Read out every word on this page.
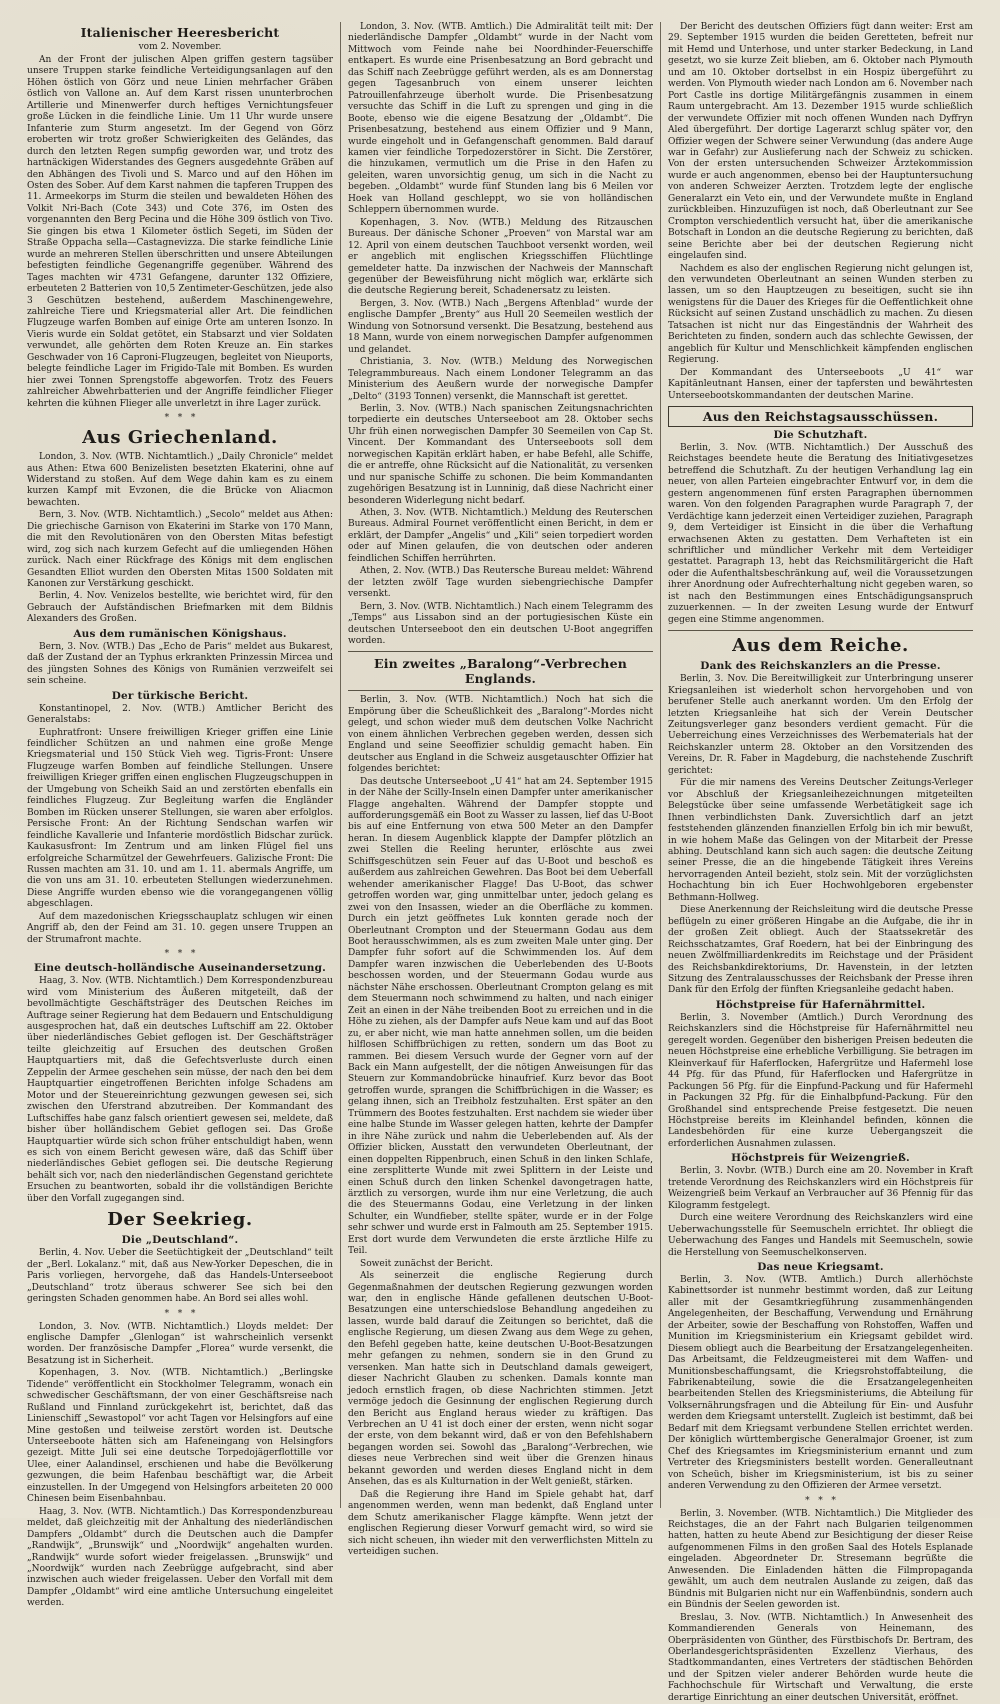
Italienischer Heeresbericht
vom 2. November.

An der Front der julischen Alpen griffen gestern tagsüber unsere Truppen starke feindliche Verteidigungsanlagen auf den Höhen östlich von Görz und neue Linien mehrfacher Gräben östlich von Vallone an. Auf dem Karst rissen ununterbrochen Artillerie und Minenwerfer durch heftiges Vernichtungsfeuer große Lücken in die feindliche Linie. Um 11 Uhr wurde unsere Infanterie zum Sturm angesetzt. Im der Gegend von Görz eroberten wir trotz großer Schwierigkeiten des Geländes, das durch den letzten Regen sumpfig geworden war, und trotz des hartnäckigen Widerstandes des Gegners ausgedehnte Gräben auf den Abhängen des Tivoli und S. Marco und auf den Höhen im Osten des Sober. Auf dem Karst nahmen die tapferen Truppen des 11. Armeekorps im Sturm die steilen und bewaldeten Höhen des Volkit Nri-Bach (Cote 343) und Cote 376, im Osten des vorgenannten den Berg Pecina und die Höhe 309 östlich von Tivo. Sie gingen bis etwa 1 Kilometer östlich Segeti, im Süden der Straße Oppacha sella—Castagnevizza. Die starke feindliche Linie wurde an mehreren Stellen überschritten und unsere Abteilungen befestigten feindliche Gegenangriffe gegenüber. Während des Tages machten wir 4731 Gefangene, darunter 132 Offiziere, erbeuteten 2 Batterien von 10,5 Zentimeter-Geschützen, jede also 3 Geschützen bestehend, außerdem Maschinengewehre, zahlreiche Tiere und Kriegsmaterial aller Art. Die feindlichen Flugzeuge warfen Bomben auf einige Orte am unteren Isonzo. In Vieris wurde ein Soldat getötet, ein Stabsarzt und vier Soldaten verwundet, alle gehörten dem Roten Kreuze an. Ein starkes Geschwader von 16 Caproni-Flugzeugen, begleitet von Nieuports, belegte feindliche Lager im Frigido-Tale mit Bomben. Es wurden hier zwei Tonnen Sprengstoffe abgeworfen. Trotz des Feuers zahlreicher Abwehrbatterien und der Angriffe feindlicher Flieger kehrten die kühnen Flieger alle unverletzt in ihre Lager zurück.

*   *   *
Aus Griechenland.

London, 3. Nov. (WTB. Nichtamtlich.) „Daily Chronicle“ meldet aus Athen: Etwa 600 Benizelisten besetzten Ekaterini, ohne auf Widerstand zu stoßen. Auf dem Wege dahin kam es zu einem kurzen Kampf mit Evzonen, die die Brücke von Aliacmon bewachten.

Bern, 3. Nov. (WTB. Nichtamtlich.) „Secolo“ meldet aus Athen: Die griechische Garnison von Ekaterini im Starke von 170 Mann, die mit den Revolutionären von den Obersten Mitas befestigt wird, zog sich nach kurzem Gefecht auf die umliegenden Höhen zurück. Nach einer Rückfrage des Königs mit dem englischen Gesandten Elliot wurden den Obersten Mitas 1500 Soldaten mit Kanonen zur Verstärkung geschickt.

Berlin, 4. Nov. Venizelos bestellte, wie berichtet wird, für den Gebrauch der Aufständischen Briefmarken mit dem Bildnis Alexanders des Großen.

Aus dem rumänischen Königshaus.

Bern, 3. Nov. (WTB.) Das „Echo de Paris“ meldet aus Bukarest, daß der Zustand der an Typhus erkrankten Prinzessin Mircea und des jüngsten Sohnes des Königs von Rumänien verzweifelt sei sein scheine.

Der türkische Bericht.

Konstantinopel, 2. Nov. (WTB.) Amtlicher Bericht des Generalstabs:

Euphratfront: Unsere freiwilligen Krieger griffen eine Linie feindlicher Schützen an und nahmen eine große Menge Kriegsmaterial und 150 Stück Vieh weg. Tigris-Front: Unsere Flugzeuge warfen Bomben auf feindliche Stellungen. Unsere freiwilligen Krieger griffen einen englischen Flugzeugschuppen in der Umgebung von Scheikh Said an und zerstörten ebenfalls ein feindliches Flugzeug. Zur Begleitung warfen die Engländer Bomben im Rücken unserer Stellungen, sie waren aber erfolglos. Persische Front: An der Richtung Sendschan warfen wir feindliche Kavallerie und Infanterie mordöstlich Bidschar zurück. Kaukasusfront: Im Zentrum und am linken Flügel fiel uns erfolgreiche Scharmützel der Gewehrfeuers. Galizische Front: Die Russen machten am 31. 10. und am 1. 11. abermals Angriffe, um die von uns am 31. 10. erbeuteten Stellungen wiederzunehmen. Diese Angriffe wurden ebenso wie die vorangegangenen völlig abgeschlagen.

Auf dem mazedonischen Kriegsschauplatz schlugen wir einen Angriff ab, den der Feind am 31. 10. gegen unsere Truppen an der Strumafront machte.

*   *   *
Eine deutsch-holländische Auseinandersetzung.

Haag, 3. Nov. (WTB. Nichtamtlich.) Dem Korrespondenzbureau wird vom Ministerium des Äußeren mitgeteilt, daß der bevollmächtigte Geschäftsträger des Deutschen Reiches im Auftrage seiner Regierung hat dem Bedauern und Entschuldigung ausgesprochen hat, daß ein deutsches Luftschiff am 22. Oktober über niederländisches Gebiet geflogen ist. Der Geschäftsträger teilte gleichzeitig auf Ersuchen des deutschen Großen Hauptquartiers mit, daß die Gefechtsverluste durch einen Zeppelin der Armee geschehen sein müsse, der nach den bei dem Hauptquartier eingetroffenen Berichten infolge Schadens am Motor und der Steuereinrichtung gezwungen gewesen sei, sich zwischen den Uferstrand abzutreiben. Der Kommandant des Luftschiffes habe ganz falsch orientiert gewesen sei, meldete, daß bisher über holländischem Gebiet geflogen sei. Das Große Hauptquartier würde sich schon früher entschuldigt haben, wenn es sich von einem Bericht gewesen wäre, daß das Schiff über niederländisches Gebiet geflogen sei. Die deutsche Regierung behält sich vor, nach den niederländischen Gegenstand gerichtete Ersuchen zu beantworten, sobald ihr die vollständigen Berichte über den Vorfall zugegangen sind.

Der Seekrieg.
Die „Deutschland“.

Berlin, 4. Nov. Ueber die Seetüchtigkeit der „Deutschland“ teilt der „Berl. Lokalanz.“ mit, daß aus New-Yorker Depeschen, die in Paris vorliegen, hervorgehe, daß das Handels-Unterseeboot „Deutschland“ trotz überaus schwerer See sich bei den geringsten Schaden genommen habe. An Bord sei alles wohl.

*   *   *

London, 3. Nov. (WTB. Nichtamtlich.) Lloyds meldet: Der englische Dampfer „Glenlogan“ ist wahrscheinlich versenkt worden. Der französische Dampfer „Florea“ wurde versenkt, die Besatzung ist in Sicherheit.

Kopenhagen, 3. Nov. (WTB. Nichtamtlich.) „Berlingske Tidende“ veröffentlicht ein Stockholmer Telegramm, wonach ein schwedischer Geschäftsmann, der von einer Geschäftsreise nach Rußland und Finnland zurückgekehrt ist, berichtet, daß das Linienschiff „Sewastopol“ vor acht Tagen vor Helsingfors auf eine Mine gestoßen und teilweise zerstört worden ist. Deutsche Unterseeboote hätten sich am Hafeneingang von Helsingfors gezeigt. Mitte Juli sei eine deutsche Torpedojägerflottille vor Ulee, einer Aalandinsel, erschienen und habe die Bevölkerung gezwungen, die beim Hafenbau beschäftigt war, die Arbeit einzustellen. In der Umgegend von Helsingfors arbeiteten 20 000 Chinesen beim Eisenbahnbau.

Haag, 3. Nov. (WTB. Nichtamtlich.) Das Korrespondenzbureau meldet, daß gleichzeitig mit der Anhaltung des niederländischen Dampfers „Oldambt“ durch die Deutschen auch die Dampfer „Randwijk“, „Brunswijk“ und „Noordwijk“ angehalten wurden. „Randwijk“ wurde sofort wieder freigelassen. „Brunswijk“ und „Noordwijk“ wurden nach Zeebrügge aufgebracht, sind aber inzwischen auch wieder freigelassen. Ueber den Vorfall mit dem Dampfer „Oldambt“ wird eine amtliche Untersuchung eingeleitet werden.

London, 3. Nov. (WTB. Amtlich.) Die Admiralität teilt mit: Der niederländische Dampfer „Oldambt“ wurde in der Nacht vom Mittwoch vom Feinde nahe bei Noordhinder-Feuerschiffe entkapert. Es wurde eine Prisenbesatzung an Bord gebracht und das Schiff nach Zeebrügge geführt werden, als es am Donnerstag gegen Tagesanbruch von einem unserer leichten Patrouillenfahrzeuge überholt wurde. Die Prisenbesatzung versuchte das Schiff in die Luft zu sprengen und ging in die Boote, ebenso wie die eigene Besatzung der „Oldambt“. Die Prisenbesatzung, bestehend aus einem Offizier und 9 Mann, wurde eingeholt und in Gefangenschaft genommen. Bald darauf kamen vier feindliche Torpedozerstörer in Sicht. Die Zerstörer, die hinzukamen, vermutlich um die Prise in den Hafen zu geleiten, waren unvorsichtig genug, um sich in die Nacht zu begeben. „Oldambt“ wurde fünf Stunden lang bis 6 Meilen vor Hoek van Holland geschleppt, wo sie von holländischen Schleppern übernommen wurde.

Kopenhagen, 3. Nov. (WTB.) Meldung des Ritzauschen Bureaus. Der dänische Schoner „Proeven“ von Marstal war am 12. April von einem deutschen Tauchboot versenkt worden, weil er angeblich mit englischen Kriegsschiffen Flüchtlinge gemeldeter hatte. Da inzwischen der Nachweis der Mannschaft gegenüber der Beweisführung nicht möglich war, erklärte sich die deutsche Regierung bereit, Schadenersatz zu leisten.

Bergen, 3. Nov. (WTB.) Nach „Bergens Aftenblad“ wurde der englische Dampfer „Brenty“ aus Hull 20 Seemeilen westlich der Windung von Sotnorsund versenkt. Die Besatzung, bestehend aus 18 Mann, wurde von einem norwegischen Dampfer aufgenommen und gelandet.

Christiania, 3. Nov. (WTB.) Meldung des Norwegischen Telegrammbureaus. Nach einem Londoner Telegramm an das Ministerium des Aeußern wurde der norwegische Dampfer „Delto“ (3193 Tonnen) versenkt, die Mannschaft ist gerettet.

Berlin, 3. Nov. (WTB.) Nach spanischen Zeitungsnachrichten torpedierte ein deutsches Unterseeboot am 28. Oktober sechs Uhr früh einen norwegischen Dampfer 30 Seemeilen von Cap St. Vincent. Der Kommandant des Unterseeboots soll dem norwegischen Kapitän erklärt haben, er habe Befehl, alle Schiffe, die er antreffe, ohne Rücksicht auf die Nationalität, zu versenken und nur spanische Schiffe zu schonen. Die beim Kommandanten zugehörigen Besatzung ist in Lunninig, daß diese Nachricht einer besonderen Widerlegung nicht bedarf.

Athen, 3. Nov. (WTB. Nichtamtlich.) Meldung des Reuterschen Bureaus. Admiral Fournet veröffentlicht einen Bericht, in dem er erklärt, der Dampfer „Angelis“ und „Kili“ seien torpediert worden oder auf Minen gelaufen, die von deutschen oder anderen feindlichen Schiffen herrührten.

Athen, 2. Nov. (WTB.) Das Reutersche Bureau meldet: Während der letzten zwölf Tage wurden siebengriechische Dampfer versenkt.

Bern, 3. Nov. (WTB. Nichtamtlich.) Nach einem Telegramm des „Temps“ aus Lissabon sind an der portugiesischen Küste ein deutschen Unterseeboot den ein deutschen U-Boot angegriffen worden.

Ein zweites „Baralong“-Verbrechen Englands.

Berlin, 3. Nov. (WTB. Nichtamtlich.) Noch hat sich die Empörung über die Scheußlichkeit des „Baralong“-Mordes nicht gelegt, und schon wieder muß dem deutschen Volke Nachricht von einem ähnlichen Verbrechen gegeben werden, dessen sich England und seine Seeoffizier schuldig gemacht haben. Ein deutscher aus England in die Schweiz ausgetauschter Offizier hat folgendes berichtet:

Das deutsche Unterseeboot „U 41“ hat am 24. September 1915 in der Nähe der Scilly-Inseln einen Dampfer unter amerikanischer Flagge angehalten. Während der Dampfer stoppte und aufforderungsgemäß ein Boot zu Wasser zu lassen, lief das U-Boot bis auf eine Entfernung von etwa 500 Meter an den Dampfer heran. In diesem Augenblick klappte der Dampfer plötzlich an zwei Stellen die Reeling herunter, erlöschte aus zwei Schiffsgeschützen sein Feuer auf das U-Boot und beschoß es außerdem aus zahlreichen Gewehren. Das Boot bei dem Ueberfall wehender amerikanischer Flagge! Das U-Boot, das schwer getroffen worden war, ging unmittelbar unter, jedoch gelang es zwei von den Insassen, wieder an die Oberfläche zu kommen. Durch ein jetzt geöffnetes Luk konnten gerade noch der Oberleutnant Crompton und der Steuermann Godau aus dem Boot herausschwimmen, als es zum zweiten Male unter ging. Der Dampfer fuhr sofort auf die Schwimmenden los. Auf dem Dampfer waren inzwischen die Ueberlebenden des U-Boots beschossen worden, und der Steuermann Godau wurde aus nächster Nähe erschossen. Oberleutnant Crompton gelang es mit dem Steuermann noch schwimmend zu halten, und nach einiger Zeit an einen in der Nähe treibenden Boot zu erreichen und in die Höhe zu ziehen, als der Dampfer aufs Neue kam und auf das Boot zu, er aber nicht, wie man hatte annehmen sollen, um die beiden hilflosen Schiffbrüchigen zu retten, sondern um das Boot zu rammen. Bei diesem Versuch wurde der Gegner vorn auf der Back ein Mann aufgestellt, der die nötigen Anweisungen für das Steuern zur Kommandobrücke hinaufrief. Kurz bevor das Boot getroffen wurde, sprangen die Schiffbrüchigen in die Wasser; es gelang ihnen, sich an Treibholz festzuhalten. Erst später an den Trümmern des Bootes festzuhalten. Erst nachdem sie wieder über eine halbe Stunde im Wasser gelegen hatten, kehrte der Dampfer in ihre Nähe zurück und nahm die Ueberlebenden auf. Als der Offizier blicken, Ausstatt den verwundeten Oberleutnant, der einen doppelten Rippenbruch, einen Schuß in den linken Schlafe, eine zersplitterte Wunde mit zwei Splittern in der Leiste und einen Schuß durch den linken Schenkel davongetragen hatte, ärztlich zu versorgen, wurde ihm nur eine Verletzung, die auch die des Steuermanns Godau, eine Verletzung in der linken Schulter, ein Wundfieber, stellte später, wurde er in der Folge sehr schwer und wurde erst in Falmouth am 25. September 1915. Erst dort wurde dem Verwundeten die erste ärztliche Hilfe zu Teil.

Soweit zunächst der Bericht.

Als seinerzeit die englische Regierung durch Gegenmaßnahmen der deutschen Regierung gezwungen worden war, den in englische Hände gefallenen deutschen U-Boot-Besatzungen eine unterschiedslose Behandlung angedeihen zu lassen, wurde bald darauf die Zeitungen so berichtet, daß die englische Regierung, um diesen Zwang aus dem Wege zu gehen, den Befehl gegeben hatte, keine deutschen U-Boot-Besatzungen mehr gefangen zu nehmen, sondern sie in den Grund zu versenken. Man hatte sich in Deutschland damals geweigert, dieser Nachricht Glauben zu schenken. Damals konnte man jedoch ernstlich fragen, ob diese Nachrichten stimmen. Jetzt vermöge jedoch die Gesinnung der englischen Regierung durch den Bericht aus England heraus wieder zu kräftigen. Das Verbrechen an U 41 ist doch einer der ersten, wenn nicht sogar der erste, von dem bekannt wird, daß er von den Befehlshabern begangen worden sei. Sowohl das „Baralong“-Verbrechen, wie dieses neue Verbrechen sind weit über die Grenzen hinaus bekannt geworden und werden dieses England nicht in dem Ansehen, das es als Kulturnation in der Welt genießt, stärken.

Daß die Regierung ihre Hand im Spiele gehabt hat, darf angenommen werden, wenn man bedenkt, daß England unter dem Schutz amerikanischer Flagge kämpfte. Wenn jetzt der englischen Regierung dieser Vorwurf gemacht wird, so wird sie sich nicht scheuen, ihn wieder mit den verwerflichsten Mitteln zu verteidigen suchen.

Der Bericht des deutschen Offiziers fügt dann weiter: Erst am 29. September 1915 wurden die beiden Geretteten, befreit nur mit Hemd und Unterhose, und unter starker Bedeckung, in Land gesetzt, wo sie kurze Zeit blieben, am 6. Oktober nach Plymouth und am 10. Oktober dortselbst in ein Hospiz übergeführt zu werden. Von Plymouth wieder nach London am 6. November nach Port Castle ins dortige Militärgefängnis zusammen in einem Raum untergebracht. Am 13. Dezember 1915 wurde schließlich der verwundete Offizier mit noch offenen Wunden nach Dyffryn Aled übergeführt. Der dortige Lagerarzt schlug später vor, den Offizier wegen der Schwere seiner Verwundung (das andere Auge war in Gefahr) zur Auslieferung nach der Schweiz zu schicken. Von der ersten untersuchenden Schweizer Ärztekommission wurde er auch angenommen, ebenso bei der Hauptuntersuchung von anderen Schweizer Aerzten. Trotzdem legte der englische Generalarzt ein Veto ein, und der Verwundete mußte in England zurückbleiben. Hinzuzufügen ist noch, daß Oberleutnant zur See Crompton verschiedentlich versucht hat, über die amerikanische Botschaft in London an die deutsche Regierung zu berichten, daß seine Berichte aber bei der deutschen Regierung nicht eingelaufen sind.

Nachdem es also der englischen Regierung nicht gelungen ist, den verwundeten Oberleutnant an seinen Wunden sterben zu lassen, um so den Hauptzeugen zu beseitigen, sucht sie ihn wenigstens für die Dauer des Krieges für die Oeffentlichkeit ohne Rücksicht auf seinen Zustand unschädlich zu machen. Zu diesen Tatsachen ist nicht nur das Eingeständnis der Wahrheit des Berichteten zu finden, sondern auch das schlechte Gewissen, der angeblich für Kultur und Menschlichkeit kämpfenden englischen Regierung.

Der Kommandant des Unterseeboots „U 41“ war Kapitänleutnant Hansen, einer der tapfersten und bewährtesten Unterseebootskommandanten der deutschen Marine.

Aus den Reichstagsausschüssen.
Die Schutzhaft.

Berlin, 3. Nov. (WTB. Nichtamtlich.) Der Ausschuß des Reichstages beendete heute die Beratung des Initiativgesetzes betreffend die Schutzhaft. Zu der heutigen Verhandlung lag ein neuer, von allen Parteien eingebrachter Entwurf vor, in dem die gestern angenommenen fünf ersten Paragraphen übernommen waren. Von den folgenden Paragraphen wurde Paragraph 7, der Verdächtige kann jederzeit einen Verteidiger zuziehen, Paragraph 9, dem Verteidiger ist Einsicht in die über die Verhaftung erwachsenen Akten zu gestatten. Dem Verhafteten ist ein schriftlicher und mündlicher Verkehr mit dem Verteidiger gestattet. Paragraph 13, hebt das Reichsmilitärgericht die Haft oder die Aufenthaltsbeschränkung auf, weil die Voraussetzungen ihrer Anordnung oder Aufrechterhaltung nicht gegeben waren, so ist nach den Bestimmungen eines Entschädigungsanspruch zuzuerkennen. — In der zweiten Lesung wurde der Entwurf gegen eine Stimme angenommen.

Aus dem Reiche.
Dank des Reichskanzlers an die Presse.

Berlin, 3. Nov. Die Bereitwilligkeit zur Unterbringung unserer Kriegsanleihen ist wiederholt schon hervorgehoben und von berufener Stelle auch anerkannt worden. Um den Erfolg der letzten Kriegsanleihe hat sich der Verein Deutscher Zeitungsverleger ganz besonders verdient gemacht. Für die Ueberreichung eines Verzeichnisses des Werbematerials hat der Reichskanzler unterm 28. Oktober an den Vorsitzenden des Vereins, Dr. R. Faber in Magdeburg, die nachstehende Zuschrift gerichtet:

Für die mir namens des Vereins Deutscher Zeitungs-Verleger vor Abschluß der Kriegsanleihezeichnungen mitgeteilten Belegstücke über seine umfassende Werbetätigkeit sage ich Ihnen verbindlichsten Dank. Zuversichtlich darf an jetzt feststehenden glänzenden finanziellen Erfolg bin ich mir bewußt, in wie hohem Maße das Gelingen von der Mitarbeit der Presse abhing. Deutschland kann sich auch sagen: die deutsche Zeitung seiner Presse, die an die hingebende Tätigkeit ihres Vereins hervorragenden Anteil bezieht, stolz sein. Mit der vorzüglichsten Hochachtung bin ich Euer Hochwohlgeboren ergebenster Bethmann-Hollweg.

Diese Anerkennung der Reichsleitung wird die deutsche Presse beflügeln zu einer größeren Hingabe an die Aufgabe, die ihr in der großen Zeit obliegt. Auch der Staatssekretär des Reichsschatzamtes, Graf Roedern, hat bei der Einbringung des neuen Zwölfmilliardenkredits im Reichstage und der Präsident des Reichsbankdirektoriums, Dr. Havenstein, in der letzten Sitzung des Zentralausschusses der Reichsbank der Presse ihren Dank für den Erfolg der fünften Kriegsanleihe gedacht haben.

Höchstpreise für Hafernährmittel.

Berlin, 3. November (Amtlich.) Durch Verordnung des Reichskanzlers sind die Höchstpreise für Hafernährmittel neu geregelt worden. Gegenüber den bisherigen Preisen bedeuten die neuen Höchstpreise eine erhebliche Verbilligung. Sie betragen im Kleinverkauf für Haferflocken, Hafergrütze und Hafermehl lose 44 Pfg. für das Pfund, für Haferflocken und Hafergrütze in Packungen 56 Pfg. für die Einpfund-Packung und für Hafermehl in Packungen 32 Pfg. für die Einhalbpfund-Packung. Für den Großhandel sind entsprechende Preise festgesetzt. Die neuen Höchstpreise bereits im Kleinhandel befinden, können die Landesbehörden für eine kurze Uebergangszeit die erforderlichen Ausnahmen zulassen.

Höchstpreis für Weizengrieß.

Berlin, 3. Novbr. (WTB.) Durch eine am 20. November in Kraft tretende Verordnung des Reichskanzlers wird ein Höchstpreis für Weizengrieß beim Verkauf an Verbraucher auf 36 Pfennig für das Kilogramm festgelegt.

Durch eine weitere Verordnung des Reichskanzlers wird eine Ueberwachungsstelle für Seemuscheln errichtet. Ihr obliegt die Ueberwachung des Fanges und Handels mit Seemuscheln, sowie die Herstellung von Seemuschelkonserven.

Das neue Kriegsamt.

Berlin, 3. Nov. (WTB. Amtlich.) Durch allerhöchste Kabinettsorder ist nunmehr bestimmt worden, daß zur Leitung aller mit der Gesamtkriegführung zusammenhängenden Angelegenheiten, der Beschaffung, Verwendung und Ernährung der Arbeiter, sowie der Beschaffung von Rohstoffen, Waffen und Munition im Kriegsministerium ein Kriegsamt gebildet wird. Diesem obliegt auch die Bearbeitung der Ersatzangelegenheiten. Das Arbeitsamt, die Feldzeugmeisterei mit dem Waffen- und Munitionsbeschaffungsamt, die Kriegsrohstoffabteilung, die Fabrikenabteilung, sowie die die Ersatzangelegenheiten bearbeitenden Stellen des Kriegsministeriums, die Abteilung für Volksernährungsfragen und die Abteilung für Ein- und Ausfuhr werden dem Kriegsamt unterstellt. Zugleich ist bestimmt, daß bei Bedarf mit dem Kriegsamt verbundene Stellen errichtet werden. Der königlich württembergische Generalmajor Groener, ist zum Chef des Kriegsamtes im Kriegsministerium ernannt und zum Vertreter des Kriegsministers bestellt worden. Generalleutnant von Scheüch, bisher im Kriegsministerium, ist bis zu seiner anderen Verwendung zu den Offizieren der Armee versetzt.

*   *   *

Berlin, 3. November. (WTB. Nichtamtlich.) Die Mitglieder des Reichstages, die an der Fahrt nach Bulgarien teilgenommen hatten, hatten zu heute Abend zur Besichtigung der dieser Reise aufgenommenen Films in den großen Saal des Hotels Esplanade eingeladen. Abgeordneter Dr. Stresemann begrüßte die Anwesenden. Die Einladenden hätten die Filmpropaganda gewählt, um auch dem neutralen Auslande zu zeigen, daß das Bündnis mit Bulgarien nicht nur ein Waffenbündnis, sondern auch ein Bündnis der Seelen geworden ist.

Breslau, 3. Nov. (WTB. Nichtamtlich.) In Anwesenheit des Kommandierenden Generals von Heinemann, des Oberpräsidenten von Günther, des Fürstbischofs Dr. Bertram, des Oberlandesgerichtspräsidenten Exzellenz Vierhaus, des Stadtkommandanten, eines Vertreters der städtischen Behörden und der Spitzen vieler anderer Behörden wurde heute die Fachhochschule für Wirtschaft und Verwaltung, die erste derartige Einrichtung an einer deutschen Universität, eröffnet.
